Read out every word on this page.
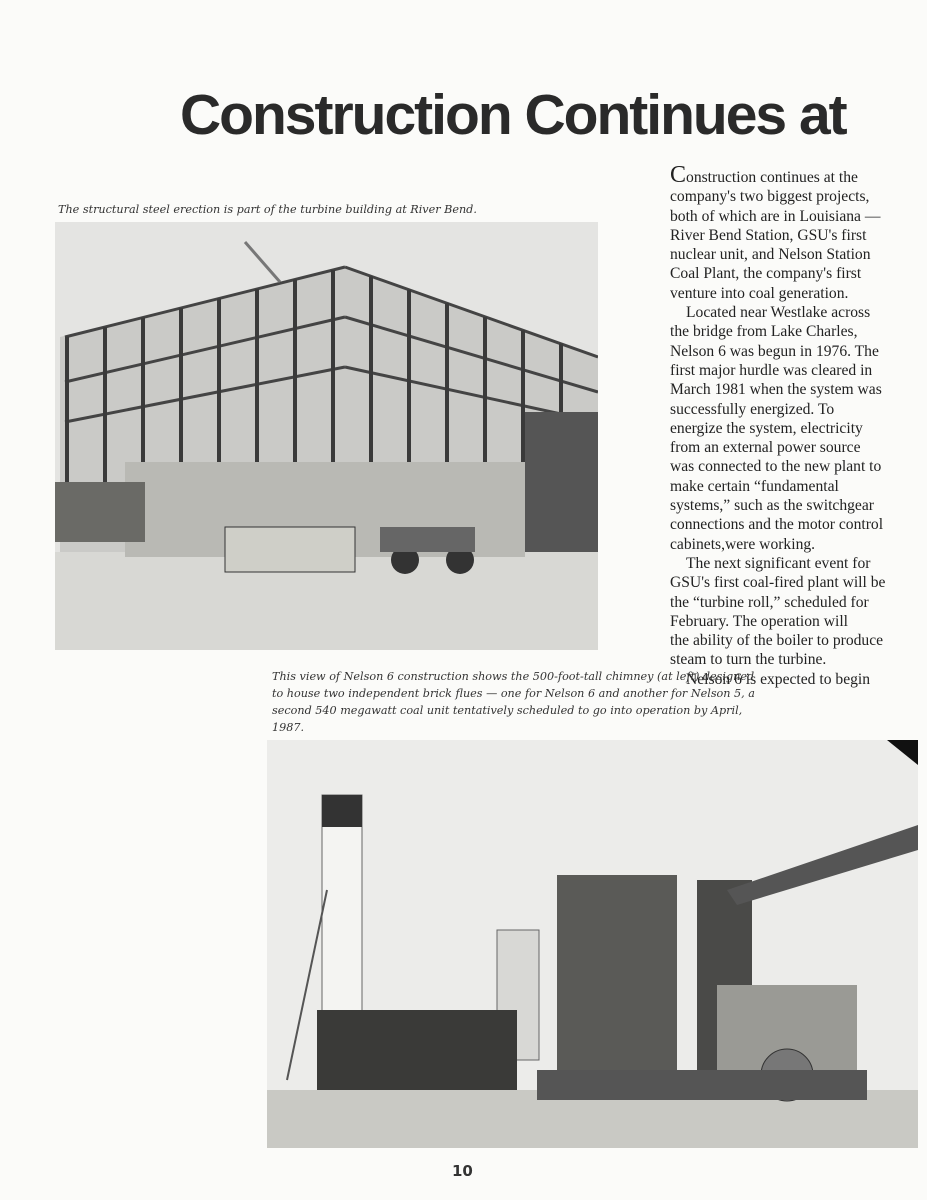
Construction Continues at
The structural steel erection is part of the turbine building at River Bend.
Construction continues at the
company's two biggest projects,
both of which are in Louisiana —
River Bend Station, GSU's first
nuclear unit, and Nelson Station
Coal Plant, the company's first
venture into coal generation.
Located near Westlake across
the bridge from Lake Charles,
Nelson 6 was begun in 1976. The
first major hurdle was cleared in
March 1981 when the system was
successfully energized. To
energize the system, electricity
from an external power source
was connected to the new plant to
make certain “fundamental
systems,” such as the switchgear
connections and the motor control
cabinets,were working.
The next significant event for
GSU's first coal-fired plant will be
the “turbine roll,” scheduled for
February. The operation will
the ability of the boiler to produce
steam to turn the turbine.
Nelson 6 is expected to begin
This view of Nelson 6 construction shows the 500-foot-tall chimney (at left) designed to house two independent brick flues — one for Nelson 6 and another for Nelson 5, a second 540 megawatt coal unit tentatively scheduled to go into operation by April, 1987.
10
